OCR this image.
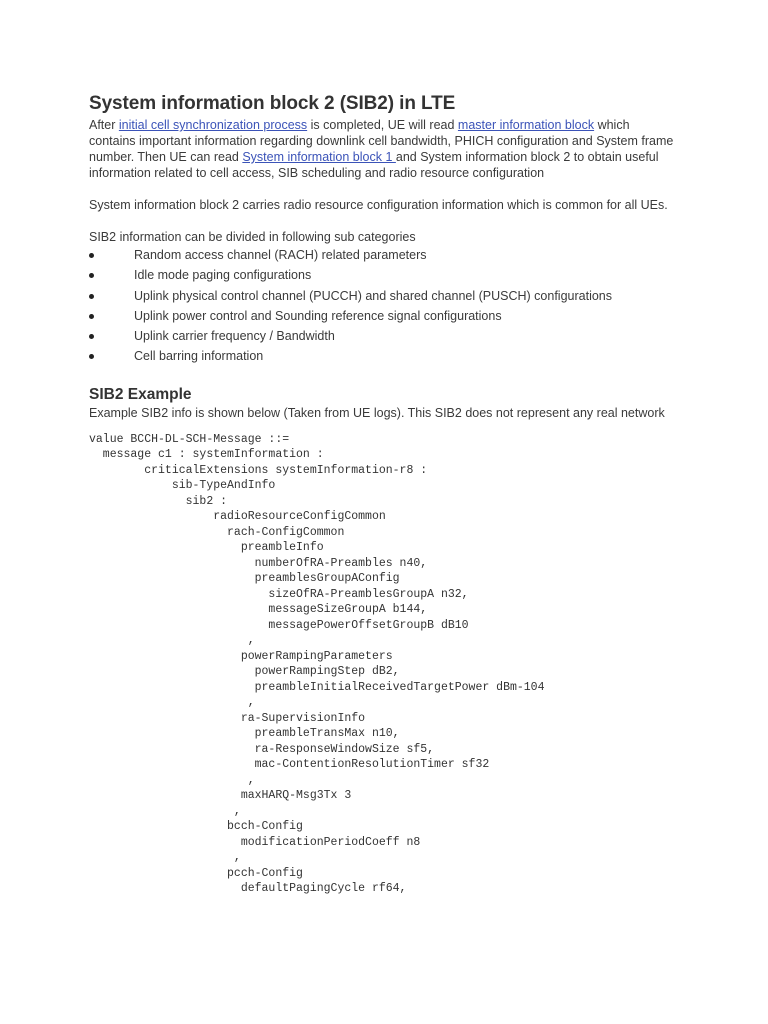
System information block 2 (SIB2) in LTE

After initial cell synchronization process is completed, UE will read master information block which contains important information regarding downlink cell bandwidth, PHICH configuration and System frame number. Then UE can read System information block 1 and System information block 2 to obtain useful information related to cell access, SIB scheduling and radio resource configuration

System information block 2 carries radio resource configuration information which is common for all UEs.

SIB2 information can be divided in following sub categories

Random access channel (RACH) related parameters
Idle mode paging configurations
Uplink physical control channel (PUCCH) and shared channel (PUSCH) configurations
Uplink power control and Sounding reference signal configurations
Uplink carrier frequency / Bandwidth
Cell barring information
SIB2 Example

Example SIB2 info is shown below (Taken from UE logs). This SIB2 does not represent any real network

value BCCH-DL-SCH-Message ::=
message c1 : systemInformation :
criticalExtensions systemInformation-r8 :
sib-TypeAndInfo
sib2 :
radioResourceConfigCommon
rach-ConfigCommon
preambleInfo
numberOfRA-Preambles n40,
preamblesGroupAConfig
sizeOfRA-PreamblesGroupA n32,
messageSizeGroupA b144,
messagePowerOffsetGroupB dB10
,
powerRampingParameters
powerRampingStep dB2,
preambleInitialReceivedTargetPower dBm-104
,
ra-SupervisionInfo
preambleTransMax n10,
ra-ResponseWindowSize sf5,
mac-ContentionResolutionTimer sf32
,
maxHARQ-Msg3Tx 3
,
bcch-Config
modificationPeriodCoeff n8
,
pcch-Config
defaultPagingCycle rf64,
